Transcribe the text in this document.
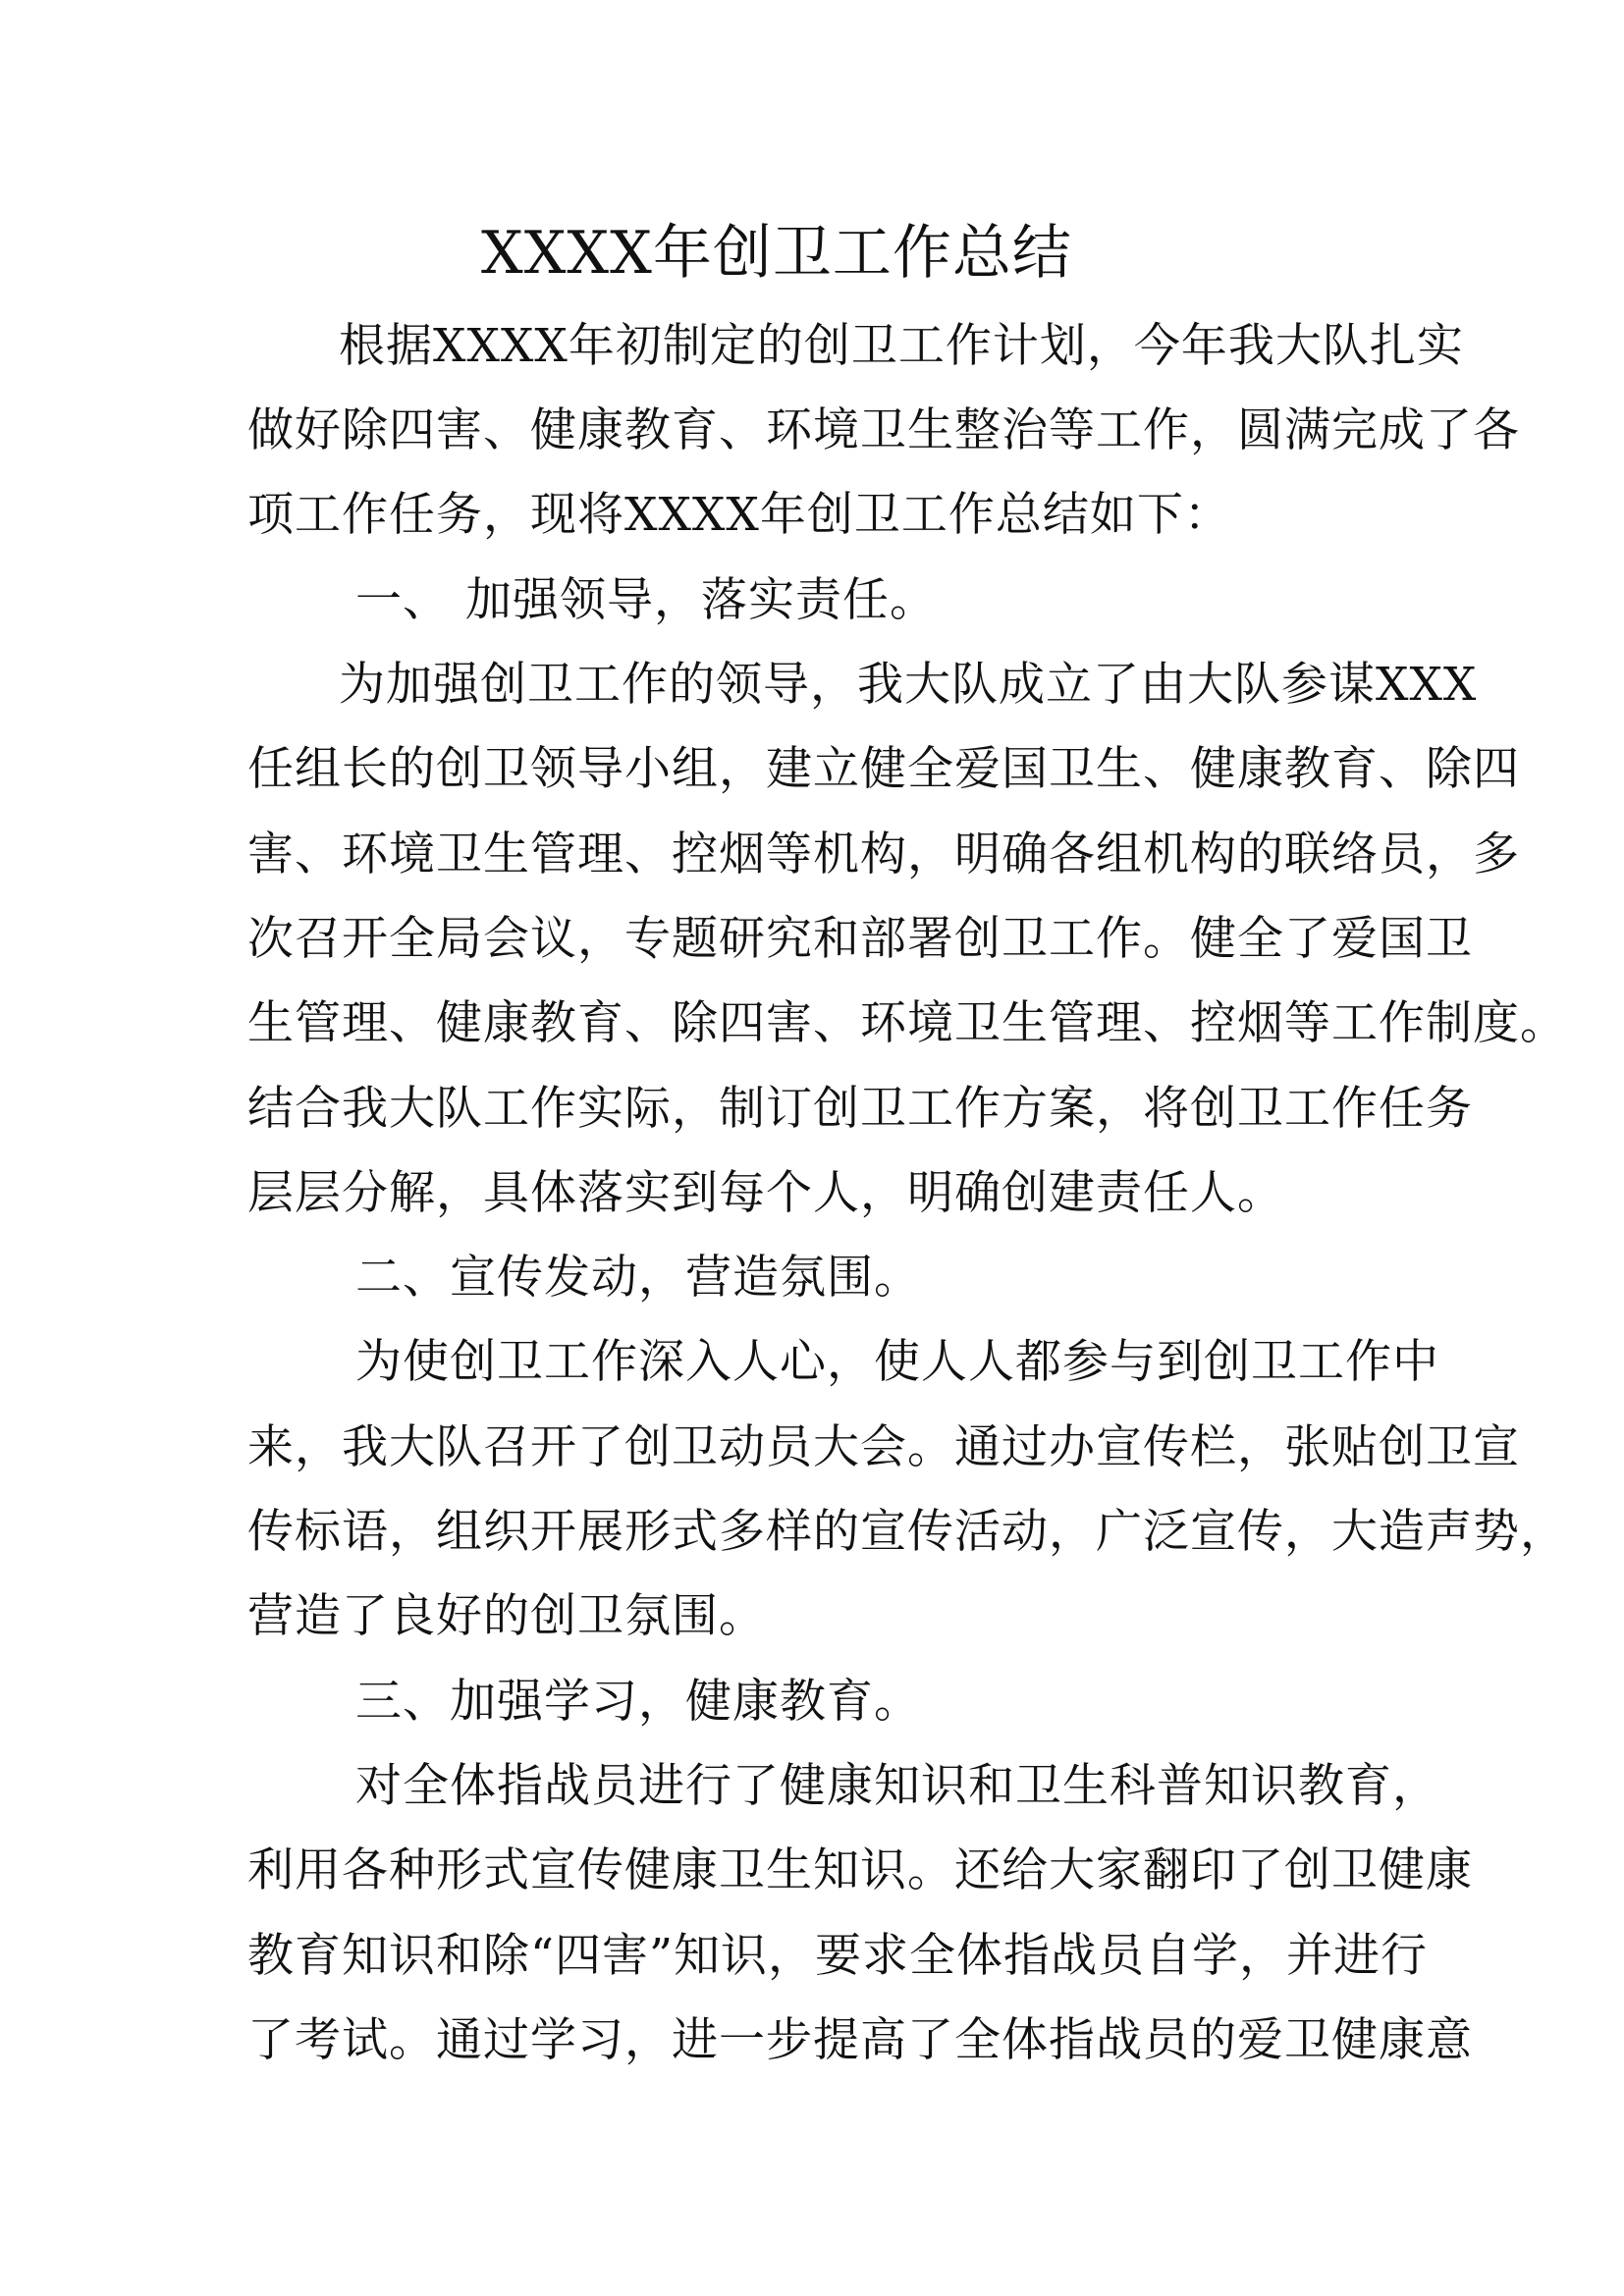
XXXX年创卫工作总结
根据XXXX年初制定的创卫工作计划，今年我大队扎实
做好除四害、健康教育、环境卫生整治等工作，圆满完成了各
项工作任务，现将XXXX年创卫工作总结如下：
一、 加强领导，落实责任。
为加强创卫工作的领导，我大队成立了由大队参谋XXX
任组长的创卫领导小组，建立健全爱国卫生、健康教育、除四
害、环境卫生管理、控烟等机构，明确各组机构的联络员，多
次召开全局会议，专题研究和部署创卫工作。健全了爱国卫
生管理、健康教育、除四害、环境卫生管理、控烟等工作制度。
结合我大队工作实际，制订创卫工作方案，将创卫工作任务
层层分解，具体落实到每个人，明确创建责任人。
二、宣传发动，营造氛围。
为使创卫工作深入人心，使人人都参与到创卫工作中
来，我大队召开了创卫动员大会。通过办宣传栏，张贴创卫宣
传标语，组织开展形式多样的宣传活动，广泛宣传，大造声势，
营造了良好的创卫氛围。
三、加强学习，健康教育。
对全体指战员进行了健康知识和卫生科普知识教育，
利用各种形式宣传健康卫生知识。还给大家翻印了创卫健康
教育知识和除“四害”知识，要求全体指战员自学，并进行
了考试。通过学习，进一步提高了全体指战员的爱卫健康意
